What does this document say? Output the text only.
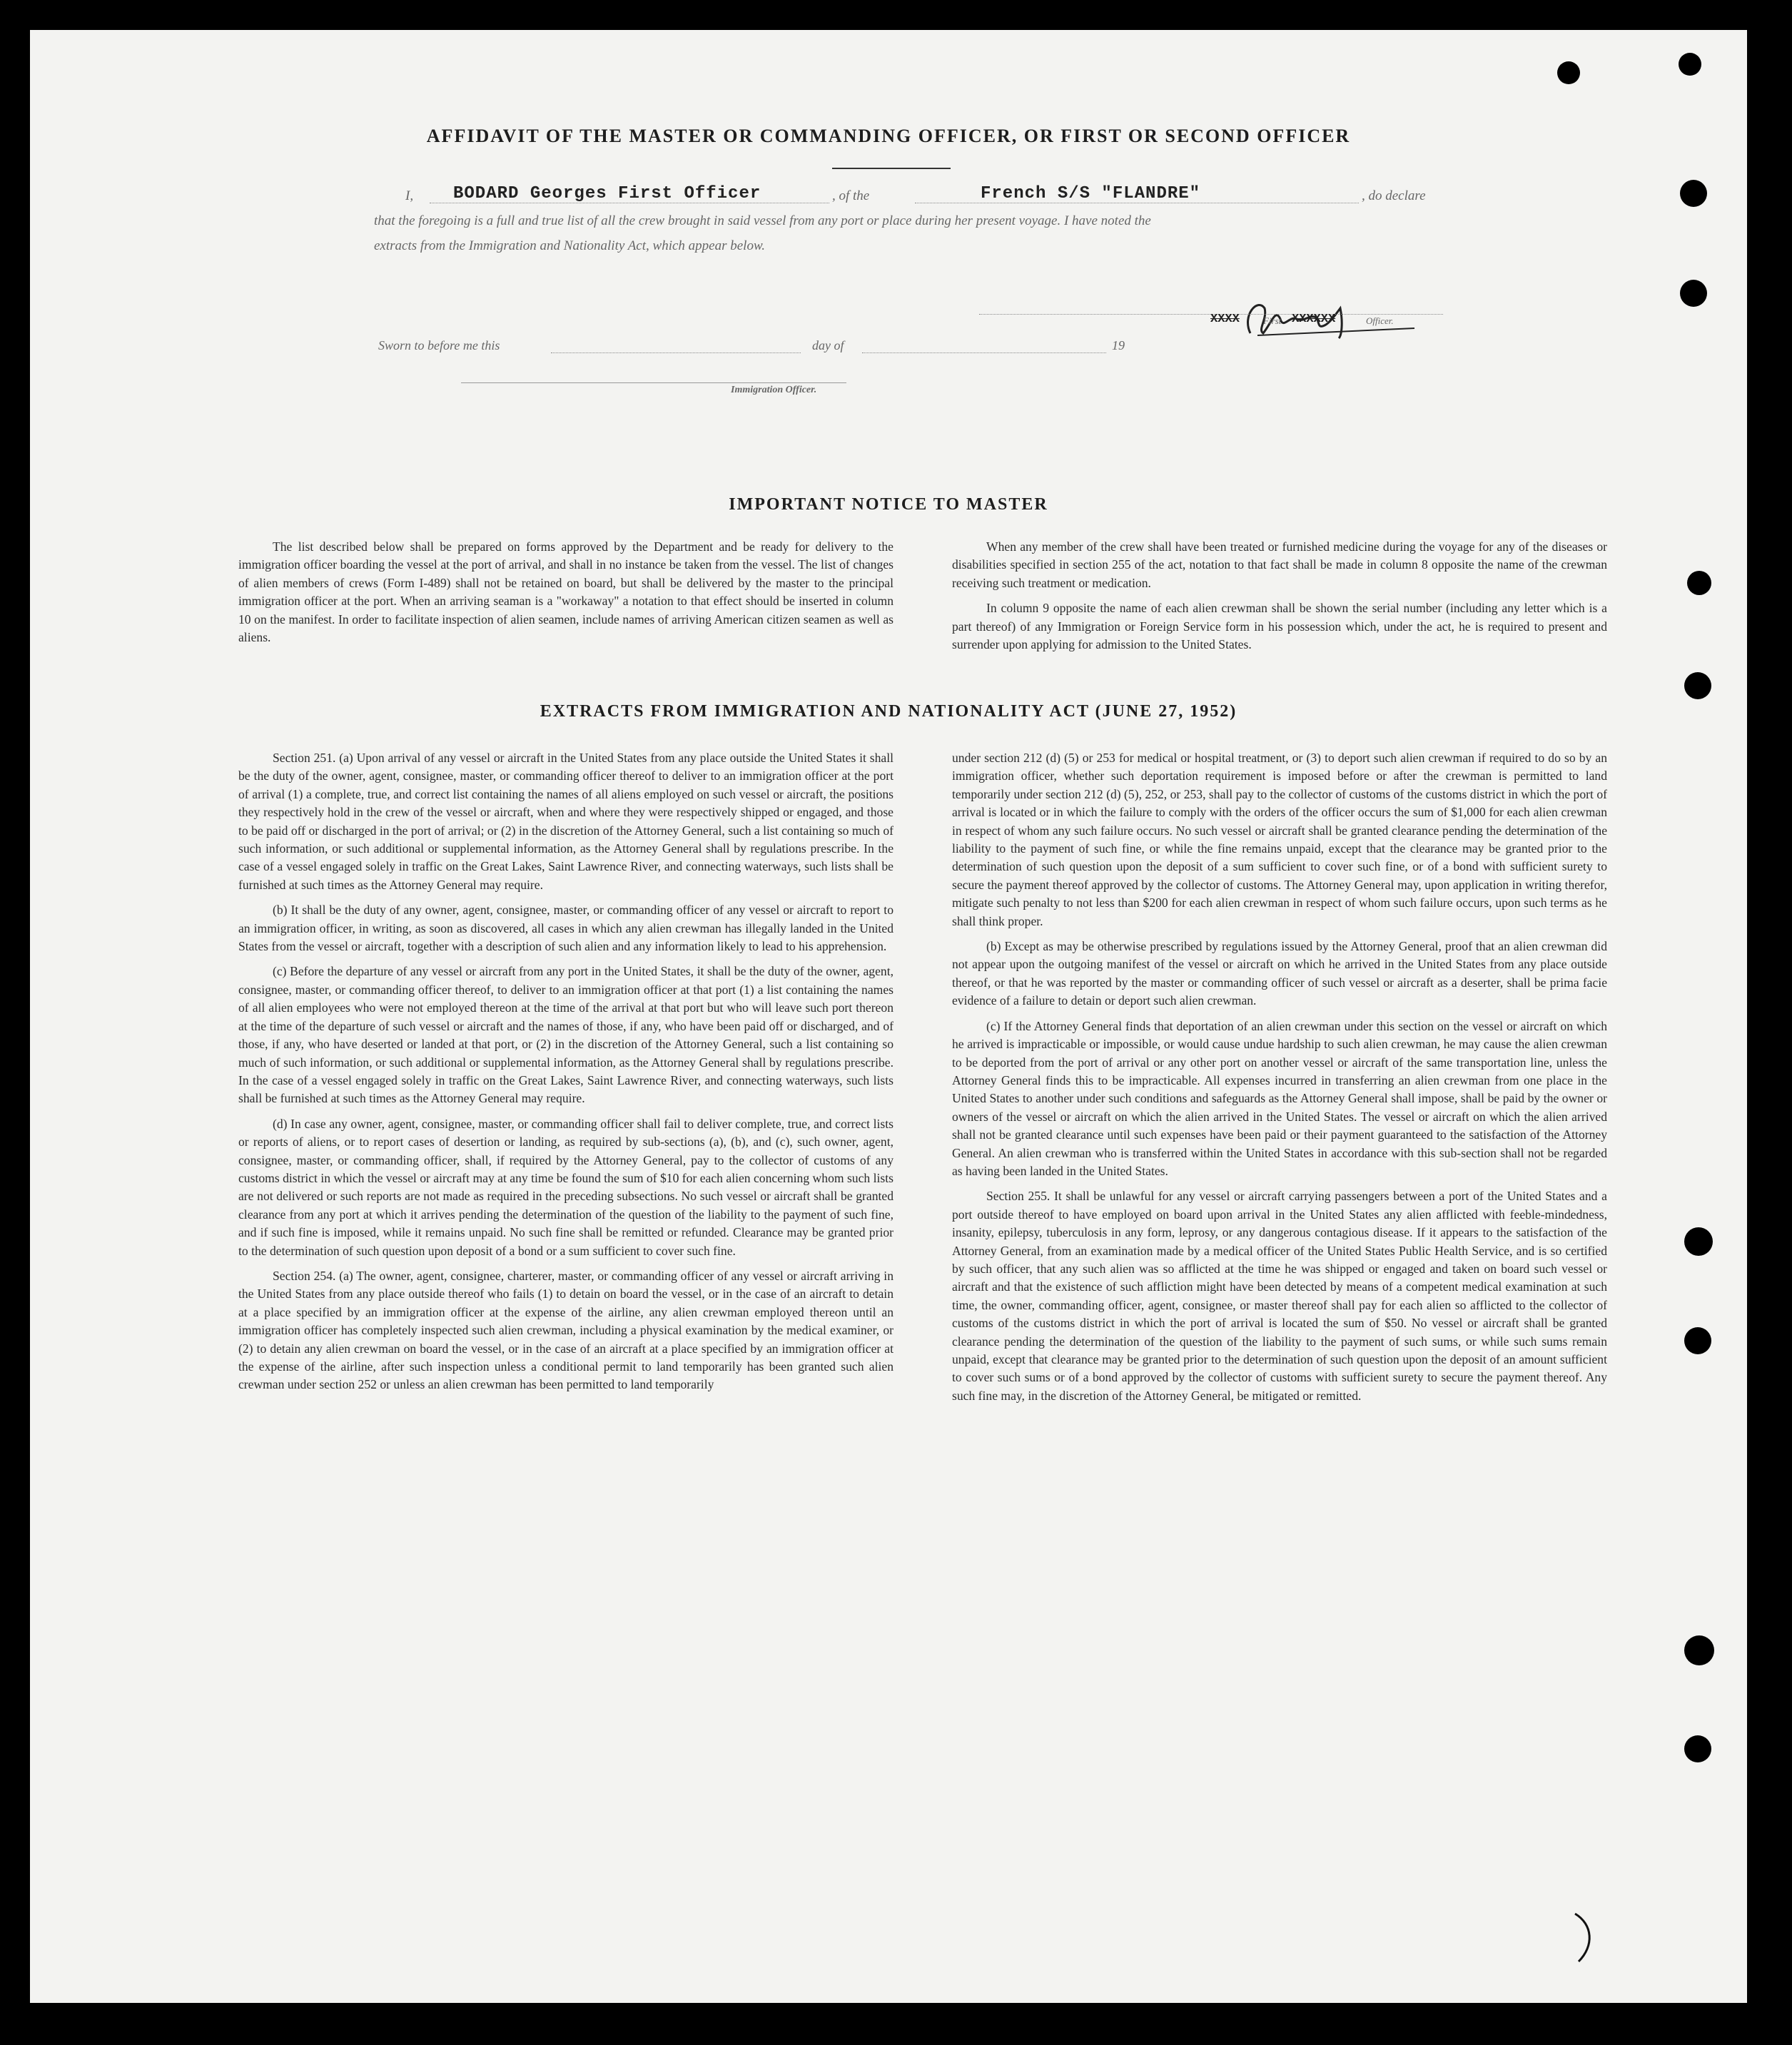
AFFIDAVIT OF THE MASTER OR COMMANDING OFFICER, OR FIRST OR SECOND OFFICER
I, BODARD Georges First Officer	, of the	French S/S "FLANDRE"	, do declare
that the foregoing is a full and true list of all the crew brought in said vessel from any port or place during her present voyage. I have noted the
extracts from the Immigration and Nationality Act, which appear below.
XXXX	First XXXXXX	Officer.
Sworn to before me this	day of	19
Immigration Officer.
IMPORTANT NOTICE TO MASTER

The list described below shall be prepared on forms approved by the Department and be ready for delivery to the immigration officer boarding the vessel at the port of arrival, and shall in no instance be taken from the vessel. The list of changes of alien members of crews (Form I-489) shall not be retained on board, but shall be delivered by the master to the principal immigration officer at the port. When an arriving seaman is a "workaway" a notation to that effect should be inserted in column 10 on the manifest. In order to facilitate inspection of alien seamen, include names of arriving American citizen seamen as well as aliens.

When any member of the crew shall have been treated or furnished medicine during the voyage for any of the diseases or disabilities specified in section 255 of the act, notation to that fact shall be made in column 8 opposite the name of the crewman receiving such treatment or medication.

In column 9 opposite the name of each alien crewman shall be shown the serial number (including any letter which is a part thereof) of any Immigration or Foreign Service form in his possession which, under the act, he is required to present and surrender upon applying for admission to the United States.

EXTRACTS FROM IMMIGRATION AND NATIONALITY ACT (JUNE 27, 1952)

Section 251. (a) Upon arrival of any vessel or aircraft in the United States from any place outside the United States it shall be the duty of the owner, agent, consignee, master, or commanding officer thereof to deliver to an immigration officer at the port of arrival (1) a complete, true, and correct list containing the names of all aliens employed on such vessel or aircraft, the positions they respectively hold in the crew of the vessel or aircraft, when and where they were respectively shipped or engaged, and those to be paid off or discharged in the port of arrival; or (2) in the discretion of the Attorney General, such a list containing so much of such information, or such additional or supplemental information, as the Attorney General shall by regulations prescribe. In the case of a vessel engaged solely in traffic on the Great Lakes, Saint Lawrence River, and connecting waterways, such lists shall be furnished at such times as the Attorney General may require.

(b) It shall be the duty of any owner, agent, consignee, master, or commanding officer of any vessel or aircraft to report to an immigration officer, in writing, as soon as discovered, all cases in which any alien crewman has illegally landed in the United States from the vessel or aircraft, together with a description of such alien and any information likely to lead to his apprehension.

(c) Before the departure of any vessel or aircraft from any port in the United States, it shall be the duty of the owner, agent, consignee, master, or commanding officer thereof, to deliver to an immigration officer at that port (1) a list containing the names of all alien employees who were not employed thereon at the time of the arrival at that port but who will leave such port thereon at the time of the departure of such vessel or aircraft and the names of those, if any, who have been paid off or discharged, and of those, if any, who have deserted or landed at that port, or (2) in the discretion of the Attorney General, such a list containing so much of such information, or such additional or supplemental information, as the Attorney General shall by regulations prescribe. In the case of a vessel engaged solely in traffic on the Great Lakes, Saint Lawrence River, and connecting waterways, such lists shall be furnished at such times as the Attorney General may require.

(d) In case any owner, agent, consignee, master, or commanding officer shall fail to deliver complete, true, and correct lists or reports of aliens, or to report cases of desertion or landing, as required by sub-sections (a), (b), and (c), such owner, agent, consignee, master, or commanding officer, shall, if required by the Attorney General, pay to the collector of customs of any customs district in which the vessel or aircraft may at any time be found the sum of $10 for each alien concerning whom such lists are not delivered or such reports are not made as required in the preceding subsections. No such vessel or aircraft shall be granted clearance from any port at which it arrives pending the determination of the question of the liability to the payment of such fine, and if such fine is imposed, while it remains unpaid. No such fine shall be remitted or refunded. Clearance may be granted prior to the determination of such question upon deposit of a bond or a sum sufficient to cover such fine.

Section 254. (a) The owner, agent, consignee, charterer, master, or commanding officer of any vessel or aircraft arriving in the United States from any place outside thereof who fails (1) to detain on board the vessel, or in the case of an aircraft to detain at a place specified by an immigration officer at the expense of the airline, any alien crewman employed thereon until an immigration officer has completely inspected such alien crewman, including a physical examination by the medical examiner, or (2) to detain any alien crewman on board the vessel, or in the case of an aircraft at a place specified by an immigration officer at the expense of the airline, after such inspection unless a conditional permit to land temporarily has been granted such alien crewman under section 252 or unless an alien crewman has been permitted to land temporarily

under section 212 (d) (5) or 253 for medical or hospital treatment, or (3) to deport such alien crewman if required to do so by an immigration officer, whether such deportation requirement is imposed before or after the crewman is permitted to land temporarily under section 212 (d) (5), 252, or 253, shall pay to the collector of customs of the customs district in which the port of arrival is located or in which the failure to comply with the orders of the officer occurs the sum of $1,000 for each alien crewman in respect of whom any such failure occurs. No such vessel or aircraft shall be granted clearance pending the determination of the liability to the payment of such fine, or while the fine remains unpaid, except that the clearance may be granted prior to the determination of such question upon the deposit of a sum sufficient to cover such fine, or of a bond with sufficient surety to secure the payment thereof approved by the collector of customs. The Attorney General may, upon application in writing therefor, mitigate such penalty to not less than $200 for each alien crewman in respect of whom such failure occurs, upon such terms as he shall think proper.

(b) Except as may be otherwise prescribed by regulations issued by the Attorney General, proof that an alien crewman did not appear upon the outgoing manifest of the vessel or aircraft on which he arrived in the United States from any place outside thereof, or that he was reported by the master or commanding officer of such vessel or aircraft as a deserter, shall be prima facie evidence of a failure to detain or deport such alien crewman.

(c) If the Attorney General finds that deportation of an alien crewman under this section on the vessel or aircraft on which he arrived is impracticable or impossible, or would cause undue hardship to such alien crewman, he may cause the alien crewman to be deported from the port of arrival or any other port on another vessel or aircraft of the same transportation line, unless the Attorney General finds this to be impracticable. All expenses incurred in transferring an alien crewman from one place in the United States to another under such conditions and safeguards as the Attorney General shall impose, shall be paid by the owner or owners of the vessel or aircraft on which the alien arrived in the United States. The vessel or aircraft on which the alien arrived shall not be granted clearance until such expenses have been paid or their payment guaranteed to the satisfaction of the Attorney General. An alien crewman who is transferred within the United States in accordance with this sub-section shall not be regarded as having been landed in the United States.

Section 255. It shall be unlawful for any vessel or aircraft carrying passengers between a port of the United States and a port outside thereof to have employed on board upon arrival in the United States any alien afflicted with feeble-mindedness, insanity, epilepsy, tuberculosis in any form, leprosy, or any dangerous contagious disease. If it appears to the satisfaction of the Attorney General, from an examination made by a medical officer of the United States Public Health Service, and is so certified by such officer, that any such alien was so afflicted at the time he was shipped or engaged and taken on board such vessel or aircraft and that the existence of such affliction might have been detected by means of a competent medical examination at such time, the owner, commanding officer, agent, consignee, or master thereof shall pay for each alien so afflicted to the collector of customs of the customs district in which the port of arrival is located the sum of $50. No vessel or aircraft shall be granted clearance pending the determination of the question of the liability to the payment of such sums, or while such sums remain unpaid, except that clearance may be granted prior to the determination of such question upon the deposit of an amount sufficient to cover such sums or of a bond approved by the collector of customs with sufficient surety to secure the payment thereof. Any such fine may, in the discretion of the Attorney General, be mitigated or remitted.
